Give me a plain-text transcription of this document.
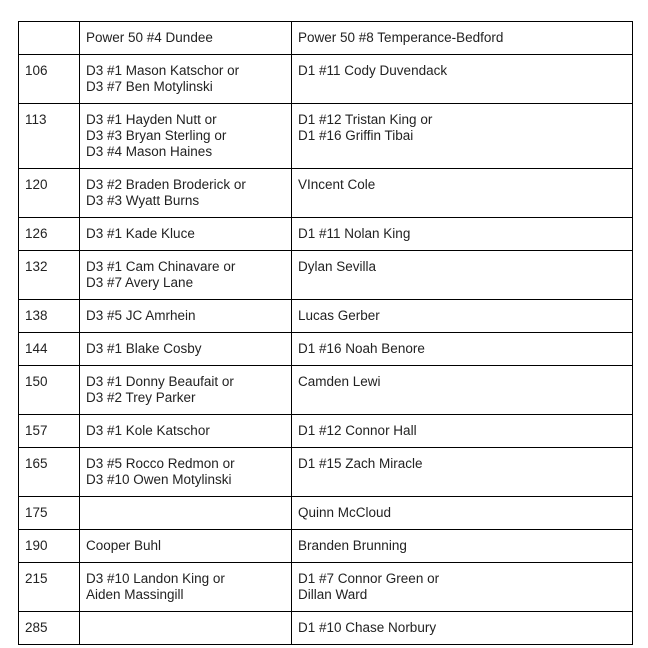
	Power 50 #4 Dundee	Power 50 #8 Temperance-Bedford
106	D3 #1 Mason Katschor or
D3 #7 Ben Motylinski	D1 #11 Cody Duvendack
113	D3 #1 Hayden Nutt or
D3 #3 Bryan Sterling or
D3 #4 Mason Haines	D1 #12 Tristan King or
D1 #16 Griffin Tibai
120	D3 #2 Braden Broderick or
D3 #3 Wyatt Burns	VIncent Cole
126	D3 #1 Kade Kluce	D1 #11 Nolan King
132	D3 #1 Cam Chinavare or
D3 #7 Avery Lane	Dylan Sevilla
138	D3 #5 JC Amrhein	Lucas Gerber
144	D3 #1 Blake Cosby	D1 #16 Noah Benore
150	D3 #1 Donny Beaufait or
D3 #2 Trey Parker	Camden Lewi
157	D3 #1 Kole Katschor	D1 #12 Connor Hall
165	D3 #5 Rocco Redmon or
D3 #10 Owen Motylinski	D1 #15 Zach Miracle
175		Quinn McCloud
190	Cooper Buhl	Branden Brunning
215	D3 #10 Landon King or
Aiden Massingill	D1 #7 Connor Green or
Dillan Ward
285		D1 #10 Chase Norbury
